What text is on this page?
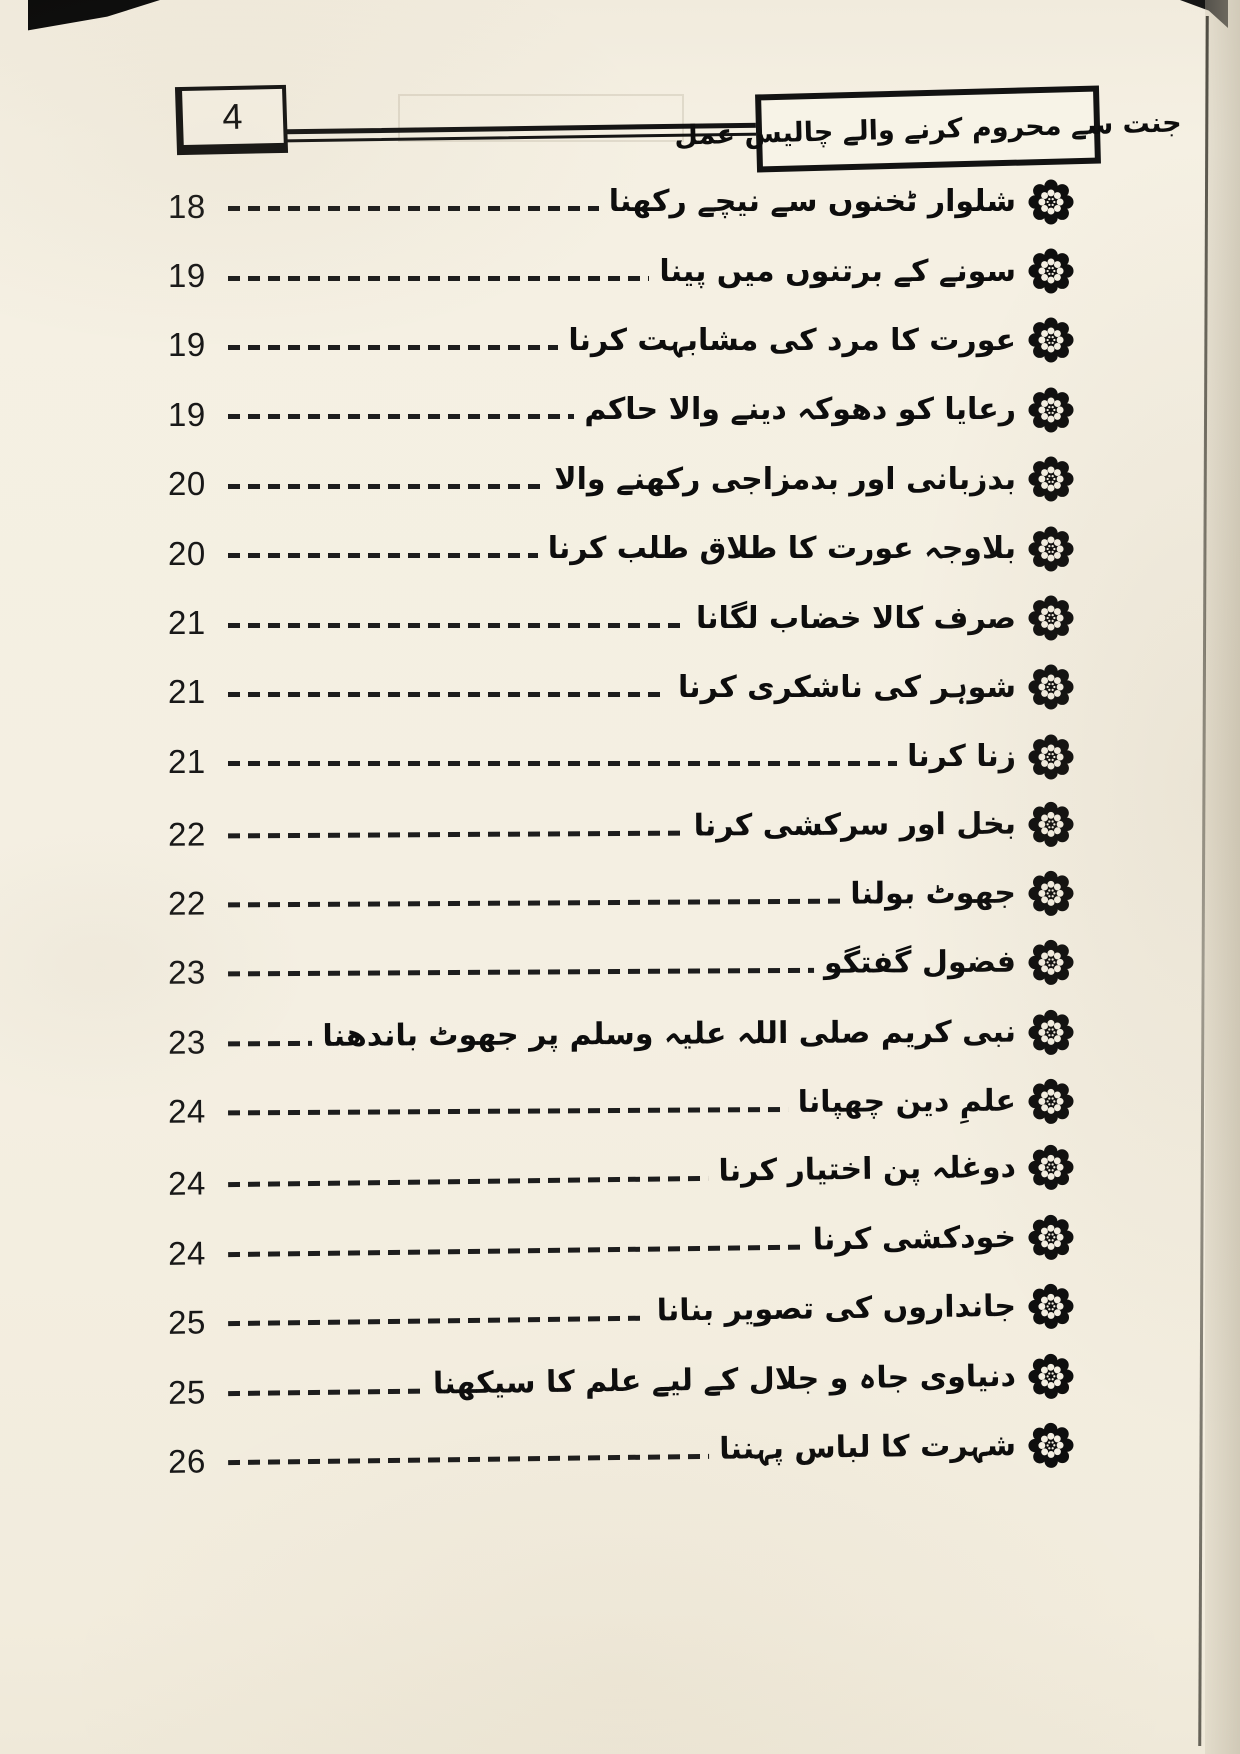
4	جنت سے محروم کرنے والے چالیس عمل
18	شلوار ٹخنوں سے نیچے رکھنا
19	سونے کے برتنوں میں پینا
19	عورت کا مرد کی مشابہت کرنا
19	رعایا کو دھوکہ دینے والا حاکم
20	بدزبانی اور بدمزاجی رکھنے والا
20	بلاوجہ عورت کا طلاق طلب کرنا
21	صرف کالا خضاب لگانا
21	شوہر کی ناشکری کرنا
21	زنا کرنا
22	بخل اور سرکشی کرنا
22	جھوٹ بولنا
23	فضول گفتگو
23	نبی کریم صلی اللہ علیہ وسلم پر جھوٹ باندھنا
24	علمِ دین چھپانا
24	دوغلہ پن اختیار کرنا
24	خودکشی کرنا
25	جانداروں کی تصویر بنانا
25	دنیاوی جاہ و جلال کے لیے علم کا سیکھنا
26	شہرت کا لباس پہننا
